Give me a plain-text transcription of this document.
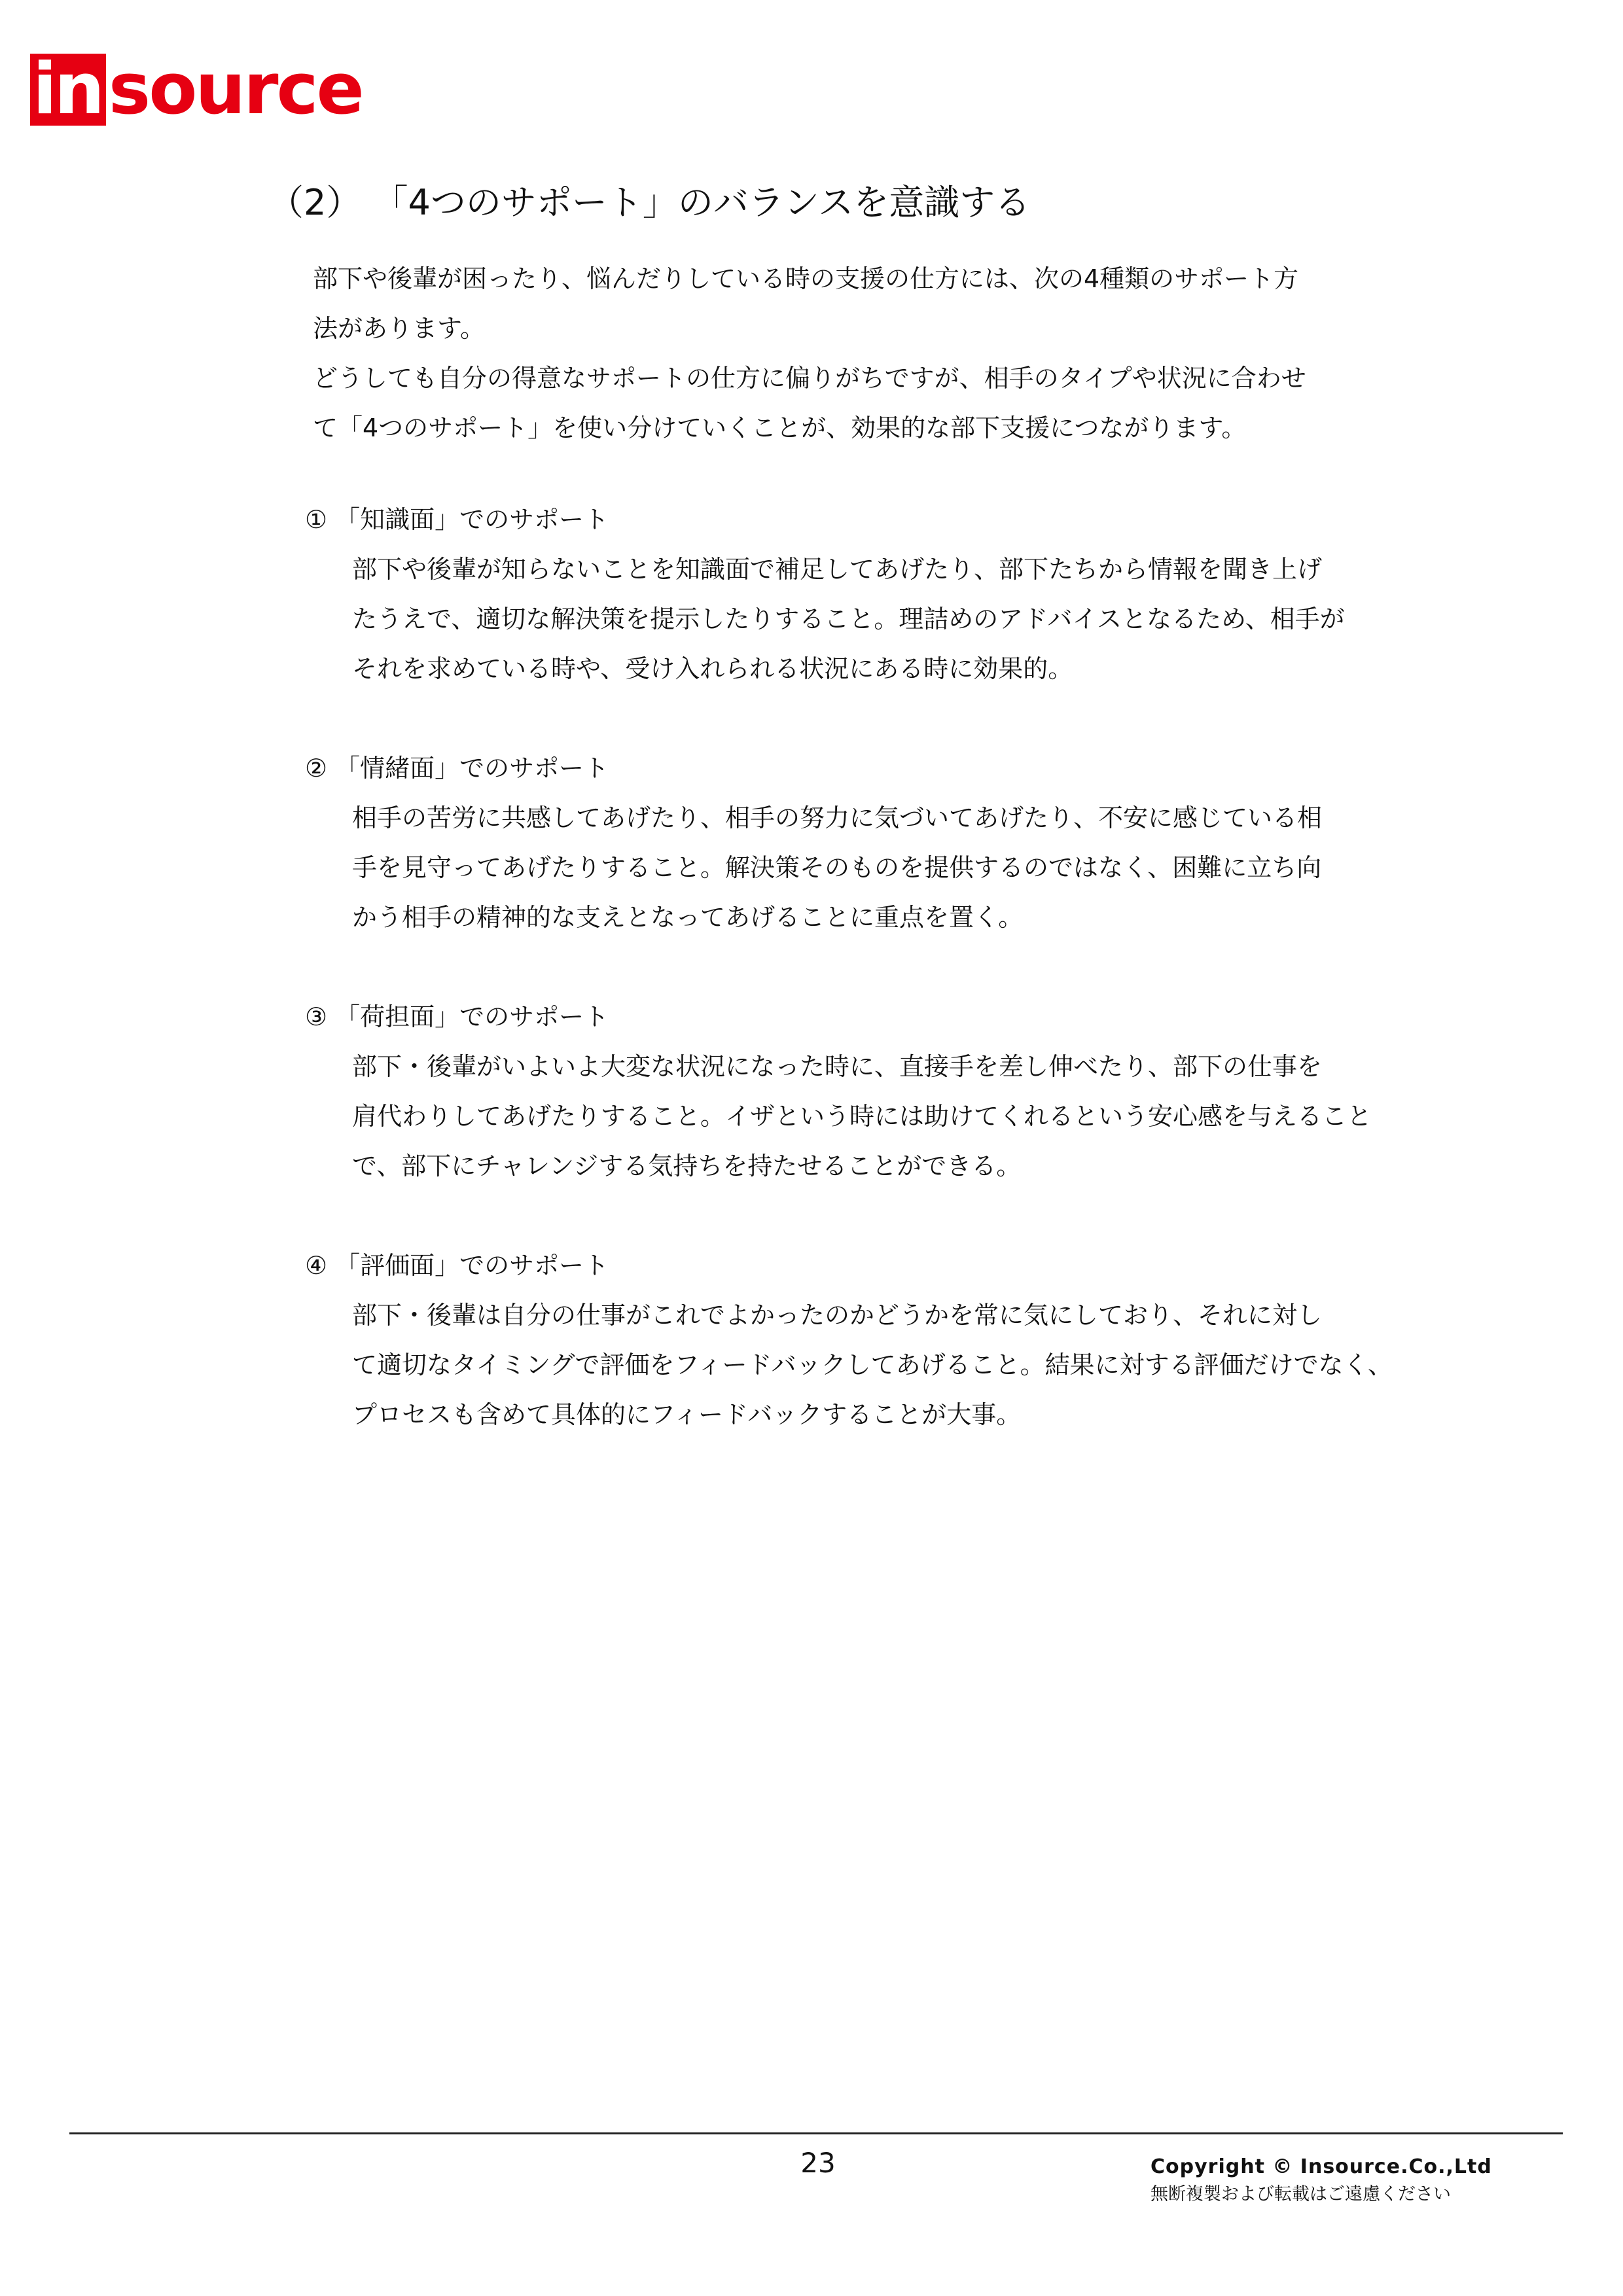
in source
（2） 「4つのサポート」のバランスを意識する
部下や後輩が困ったり、悩んだりしている時の支援の仕方には、次の4種類のサポート方
法があります。
どうしても自分の得意なサポートの仕方に偏りがちですが、相手のタイプや状況に合わせ
て「4つのサポート」を使い分けていくことが、効果的な部下支援につながります。
① 「知識面」でのサポート
部下や後輩が知らないことを知識面で補足してあげたり、部下たちから情報を聞き上げ
たうえで、適切な解決策を提示したりすること。理詰めのアドバイスとなるため、相手が
それを求めている時や、受け入れられる状況にある時に効果的。
② 「情緒面」でのサポート
相手の苦労に共感してあげたり、相手の努力に気づいてあげたり、不安に感じている相
手を見守ってあげたりすること。解決策そのものを提供するのではなく、困難に立ち向
かう相手の精神的な支えとなってあげることに重点を置く。
③ 「荷担面」でのサポート
部下・後輩がいよいよ大変な状況になった時に、直接手を差し伸べたり、部下の仕事を
肩代わりしてあげたりすること。イザという時には助けてくれるという安心感を与えること
で、部下にチャレンジする気持ちを持たせることができる。
④ 「評価面」でのサポート
部下・後輩は自分の仕事がこれでよかったのかどうかを常に気にしており、それに対し
て適切なタイミングで評価をフィードバックしてあげること。結果に対する評価だけでなく、
プロセスも含めて具体的にフィードバックすることが大事。
23	Copyright © Insource.Co.,Ltd
無断複製および転載はご遠慮ください
